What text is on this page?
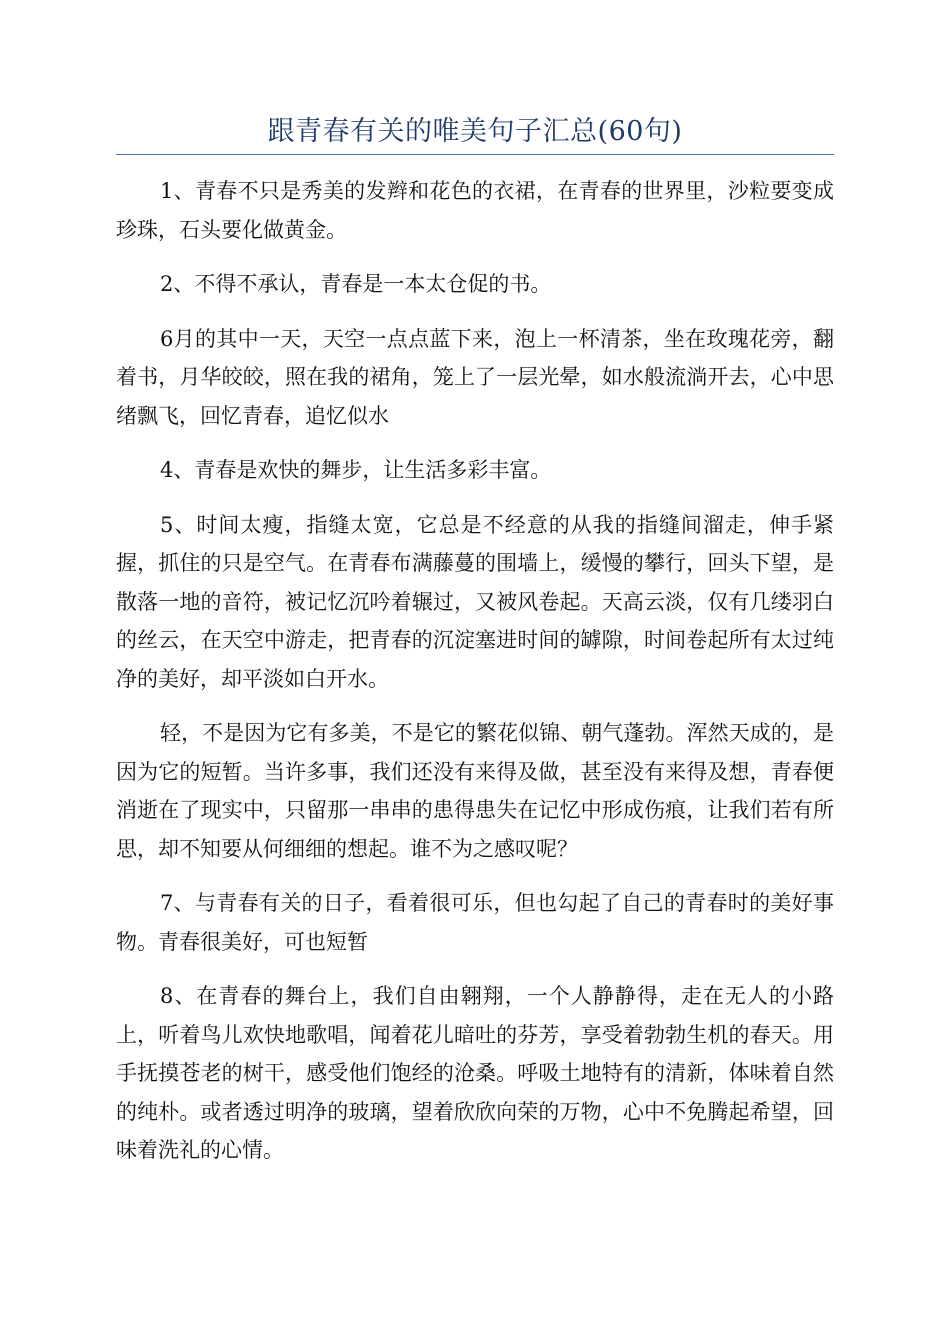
跟青春有关的唯美句子汇总(60句)

1、青春不只是秀美的发辫和花色的衣裙，在青春的世界里，沙粒要变成珍珠，石头要化做黄金。

2、不得不承认，青春是一本太仓促的书。

6月的其中一天，天空一点点蓝下来，泡上一杯清茶，坐在玫瑰花旁，翻着书，月华皎皎，照在我的裙角，笼上了一层光晕，如水般流淌开去，心中思绪飘飞，回忆青春，追忆似水

4、青春是欢快的舞步，让生活多彩丰富。

5、时间太瘦，指缝太宽，它总是不经意的从我的指缝间溜走，伸手紧握，抓住的只是空气。在青春布满藤蔓的围墙上，缓慢的攀行，回头下望，是散落一地的音符，被记忆沉吟着辗过，又被风卷起。天高云淡，仅有几缕羽白的丝云，在天空中游走，把青春的沉淀塞进时间的罅隙，时间卷起所有太过纯净的美好，却平淡如白开水。

轻，不是因为它有多美，不是它的繁花似锦、朝气蓬勃。浑然天成的，是因为它的短暂。当许多事，我们还没有来得及做，甚至没有来得及想，青春便消逝在了现实中，只留那一串串的患得患失在记忆中形成伤痕，让我们若有所思，却不知要从何细细的想起。谁不为之感叹呢？

7、与青春有关的日子，看着很可乐，但也勾起了自己的青春时的美好事物。青春很美好，可也短暂

8、在青春的舞台上，我们自由翱翔，一个人静静得，走在无人的小路上，听着鸟儿欢快地歌唱，闻着花儿暗吐的芬芳，享受着勃勃生机的春天。用手抚摸苍老的树干，感受他们饱经的沧桑。呼吸土地特有的清新，体味着自然的纯朴。或者透过明净的玻璃，望着欣欣向荣的万物，心中不免腾起希望，回味着洗礼的心情。
